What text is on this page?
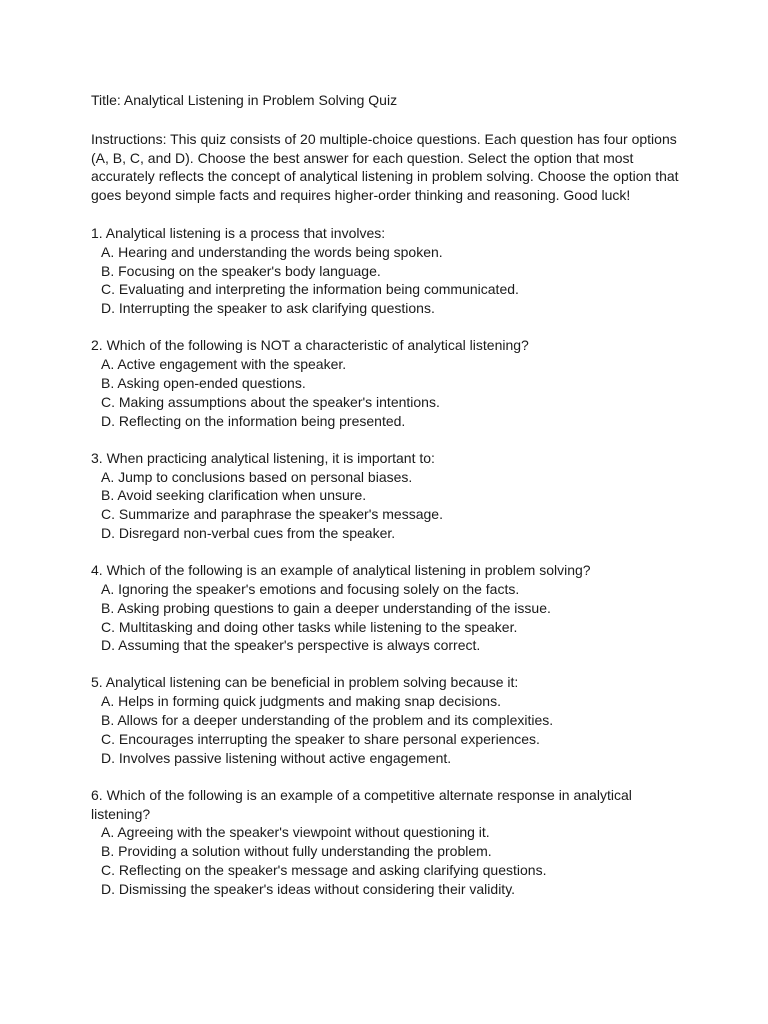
Title: Analytical Listening in Problem Solving Quiz

Instructions: This quiz consists of 20 multiple-choice questions. Each question has four options (A, B, C, and D). Choose the best answer for each question. Select the option that most accurately reflects the concept of analytical listening in problem solving. Choose the option that goes beyond simple facts and requires higher-order thinking and reasoning. Good luck!

1. Analytical listening is a process that involves:
A. Hearing and understanding the words being spoken.
B. Focusing on the speaker's body language.
C. Evaluating and interpreting the information being communicated.
D. Interrupting the speaker to ask clarifying questions.
2. Which of the following is NOT a characteristic of analytical listening?
A. Active engagement with the speaker.
B. Asking open-ended questions.
C. Making assumptions about the speaker's intentions.
D. Reflecting on the information being presented.
3. When practicing analytical listening, it is important to:
A. Jump to conclusions based on personal biases.
B. Avoid seeking clarification when unsure.
C. Summarize and paraphrase the speaker's message.
D. Disregard non-verbal cues from the speaker.
4. Which of the following is an example of analytical listening in problem solving?
A. Ignoring the speaker's emotions and focusing solely on the facts.
B. Asking probing questions to gain a deeper understanding of the issue.
C. Multitasking and doing other tasks while listening to the speaker.
D. Assuming that the speaker's perspective is always correct.
5. Analytical listening can be beneficial in problem solving because it:
A. Helps in forming quick judgments and making snap decisions.
B. Allows for a deeper understanding of the problem and its complexities.
C. Encourages interrupting the speaker to share personal experiences.
D. Involves passive listening without active engagement.
6. Which of the following is an example of a competitive alternate response in analytical listening?
A. Agreeing with the speaker's viewpoint without questioning it.
B. Providing a solution without fully understanding the problem.
C. Reflecting on the speaker's message and asking clarifying questions.
D. Dismissing the speaker's ideas without considering their validity.
